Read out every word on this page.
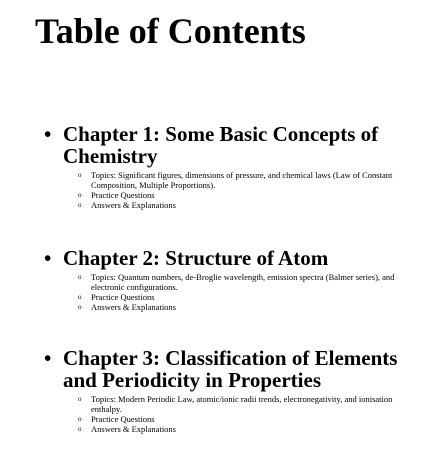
Table of Contents
• Chapter 1: Some Basic Concepts of Chemistry
o Topics: Significant figures, dimensions of pressure, and chemical laws (Law of Constant Composition, Multiple Proportions).
o Practice Questions
o Answers & Explanations
• Chapter 2: Structure of Atom
o Topics: Quantum numbers, de-Broglie wavelength, emission spectra (Balmer series), and electronic configurations.
o Practice Questions
o Answers & Explanations
• Chapter 3: Classification of Elements and Periodicity in Properties
o Topics: Modern Periodic Law, atomic/ionic radii trends, electronegativity, and ionisation enthalpy.
o Practice Questions
o Answers & Explanations
